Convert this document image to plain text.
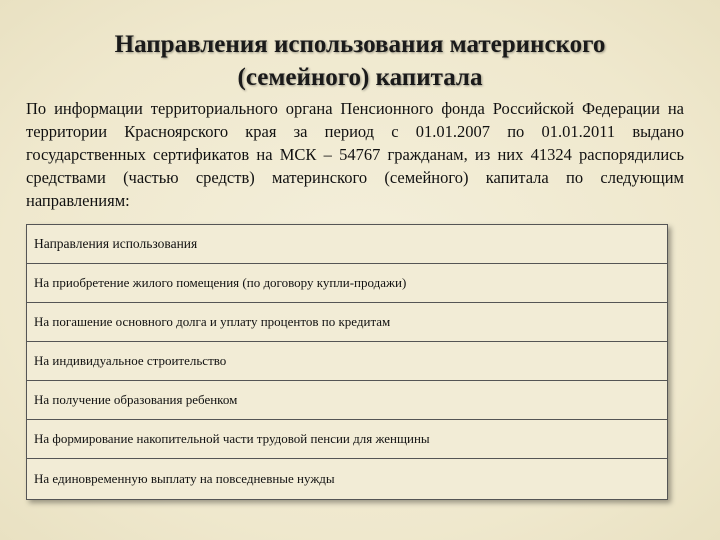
Направления использования материнского
(семейного) капитала
По информации территориального органа Пенсионного фонда Российской Федерации на территории Красноярского края за период с 01.01.2007 по 01.01.2011 выдано государственных сертификатов на МСК – 54767 гражданам, из них 41324 распорядились средствами (частью средств) материнского (семейного) капитала по следующим направлениям:
Направления использования
На приобретение жилого помещения (по договору купли-продажи)
На погашение основного долга и уплату процентов по кредитам
На индивидуальное строительство
На получение образования ребенком
На формирование накопительной части трудовой пенсии для женщины
На единовременную выплату на повседневные нужды
